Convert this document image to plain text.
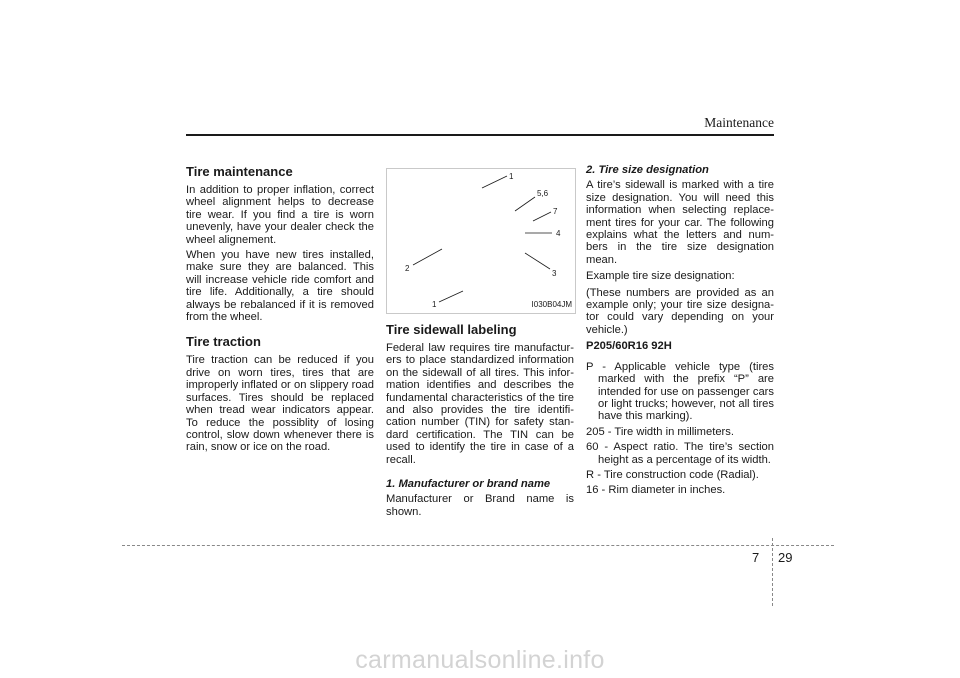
Maintenance
Tire maintenance

In addition to proper inflation, correct wheel alignment helps to decrease tire wear. If you find a tire is worn unevenly, have your dealer check the wheel alignement.

When you have new tires installed, make sure they are balanced. This will increase vehicle ride comfort and tire life. Additionally, a tire should always be rebalanced if it is removed from the wheel.

Tire traction

Tire traction can be reduced if you drive on worn tires, tires that are improperly inflated or on slippery road surfaces. Tires should be replaced when tread wear indicators appear. To reduce the possiblity of losing control, slow down whenever there is rain, snow or ice on the road.

1
5,6
7
4
3
2
1	I030B04JM
Tire sidewall labeling

Federal law requires tire manufactur-ers to place standardized information on the sidewall of all tires. This infor-mation identifies and describes the fundamental characteristics of the tire and also provides the tire identifi-cation number (TIN) for safety stan-dard certification. The TIN can be used to identify the tire in case of a recall.

1. Manufacturer or brand name

Manufacturer or Brand name is shown.

2. Tire size designation

A tire’s sidewall is marked with a tire size designation. You will need this information when selecting replace-ment tires for your car. The following explains what the letters and num-bers in the tire size designation mean.

Example tire size designation:

(These numbers are provided as an example only; your tire size designa-tor could vary depending on your vehicle.)

P205/60R16 92H

P - Applicable vehicle type (tires marked with the prefix “P” are intended for use on passenger cars or light trucks; however, not all tires have this marking).

205 - Tire width in millimeters.

60 - Aspect ratio. The tire’s section height as a percentage of its width.

R - Tire construction code (Radial).

16 - Rim diameter in inches.

7 29
carmanualsonline.info
